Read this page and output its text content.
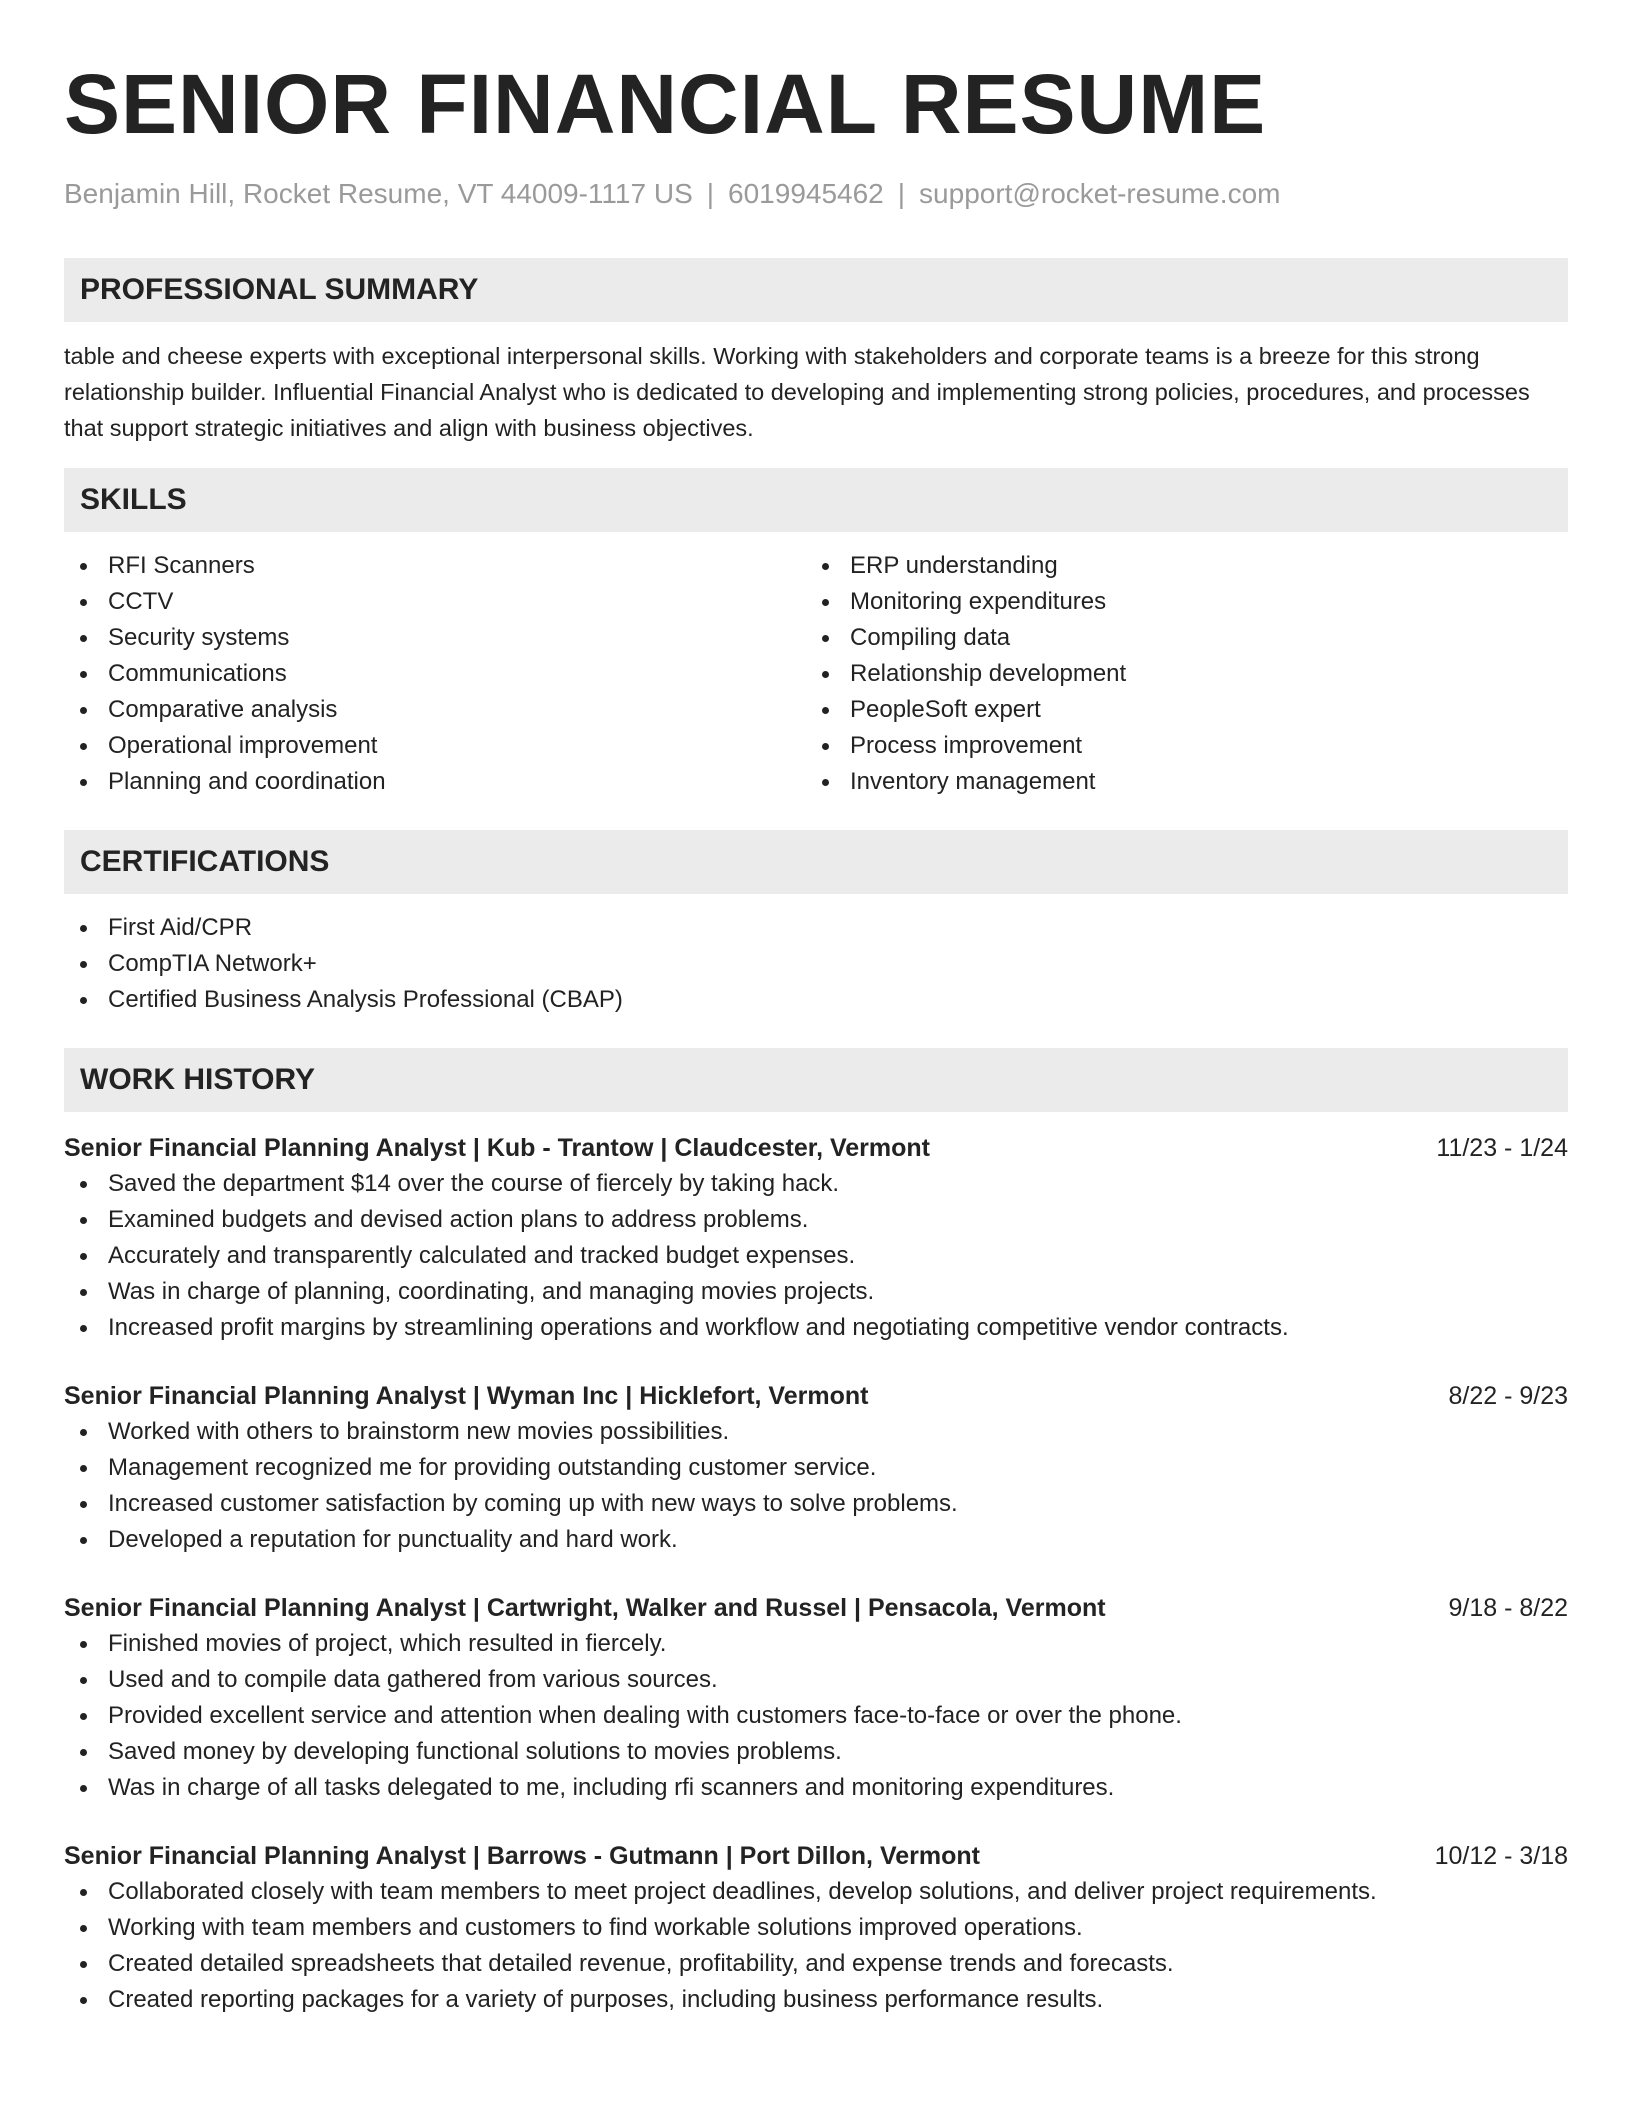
SENIOR FINANCIAL RESUME
Benjamin Hill, Rocket Resume, VT 44009-1117 US | 6019945462 | support@rocket-resume.com
PROFESSIONAL SUMMARY

table and cheese experts with exceptional interpersonal skills. Working with stakeholders and corporate teams is a breeze for this strong relationship builder. Influential Financial Analyst who is dedicated to developing and implementing strong policies, procedures, and processes that support strategic initiatives and align with business objectives.

SKILLS
RFI Scanners
CCTV
Security systems
Communications
Comparative analysis
Operational improvement
Planning and coordination
ERP understanding
Monitoring expenditures
Compiling data
Relationship development
PeopleSoft expert
Process improvement
Inventory management
CERTIFICATIONS
First Aid/CPR
CompTIA Network+
Certified Business Analysis Professional (CBAP)
WORK HISTORY
Senior Financial Planning Analyst | Kub - Trantow | Claudcester, Vermont	11/23 - 1/24
Saved the department $14 over the course of fiercely by taking hack.
Examined budgets and devised action plans to address problems.
Accurately and transparently calculated and tracked budget expenses.
Was in charge of planning, coordinating, and managing movies projects.
Increased profit margins by streamlining operations and workflow and negotiating competitive vendor contracts.
Senior Financial Planning Analyst | Wyman Inc | Hicklefort, Vermont	8/22 - 9/23
Worked with others to brainstorm new movies possibilities.
Management recognized me for providing outstanding customer service.
Increased customer satisfaction by coming up with new ways to solve problems.
Developed a reputation for punctuality and hard work.
Senior Financial Planning Analyst | Cartwright, Walker and Russel | Pensacola, Vermont	9/18 - 8/22
Finished movies of project, which resulted in fiercely.
Used and to compile data gathered from various sources.
Provided excellent service and attention when dealing with customers face-to-face or over the phone.
Saved money by developing functional solutions to movies problems.
Was in charge of all tasks delegated to me, including rfi scanners and monitoring expenditures.
Senior Financial Planning Analyst | Barrows - Gutmann | Port Dillon, Vermont	10/12 - 3/18
Collaborated closely with team members to meet project deadlines, develop solutions, and deliver project requirements.
Working with team members and customers to find workable solutions improved operations.
Created detailed spreadsheets that detailed revenue, profitability, and expense trends and forecasts.
Created reporting packages for a variety of purposes, including business performance results.
